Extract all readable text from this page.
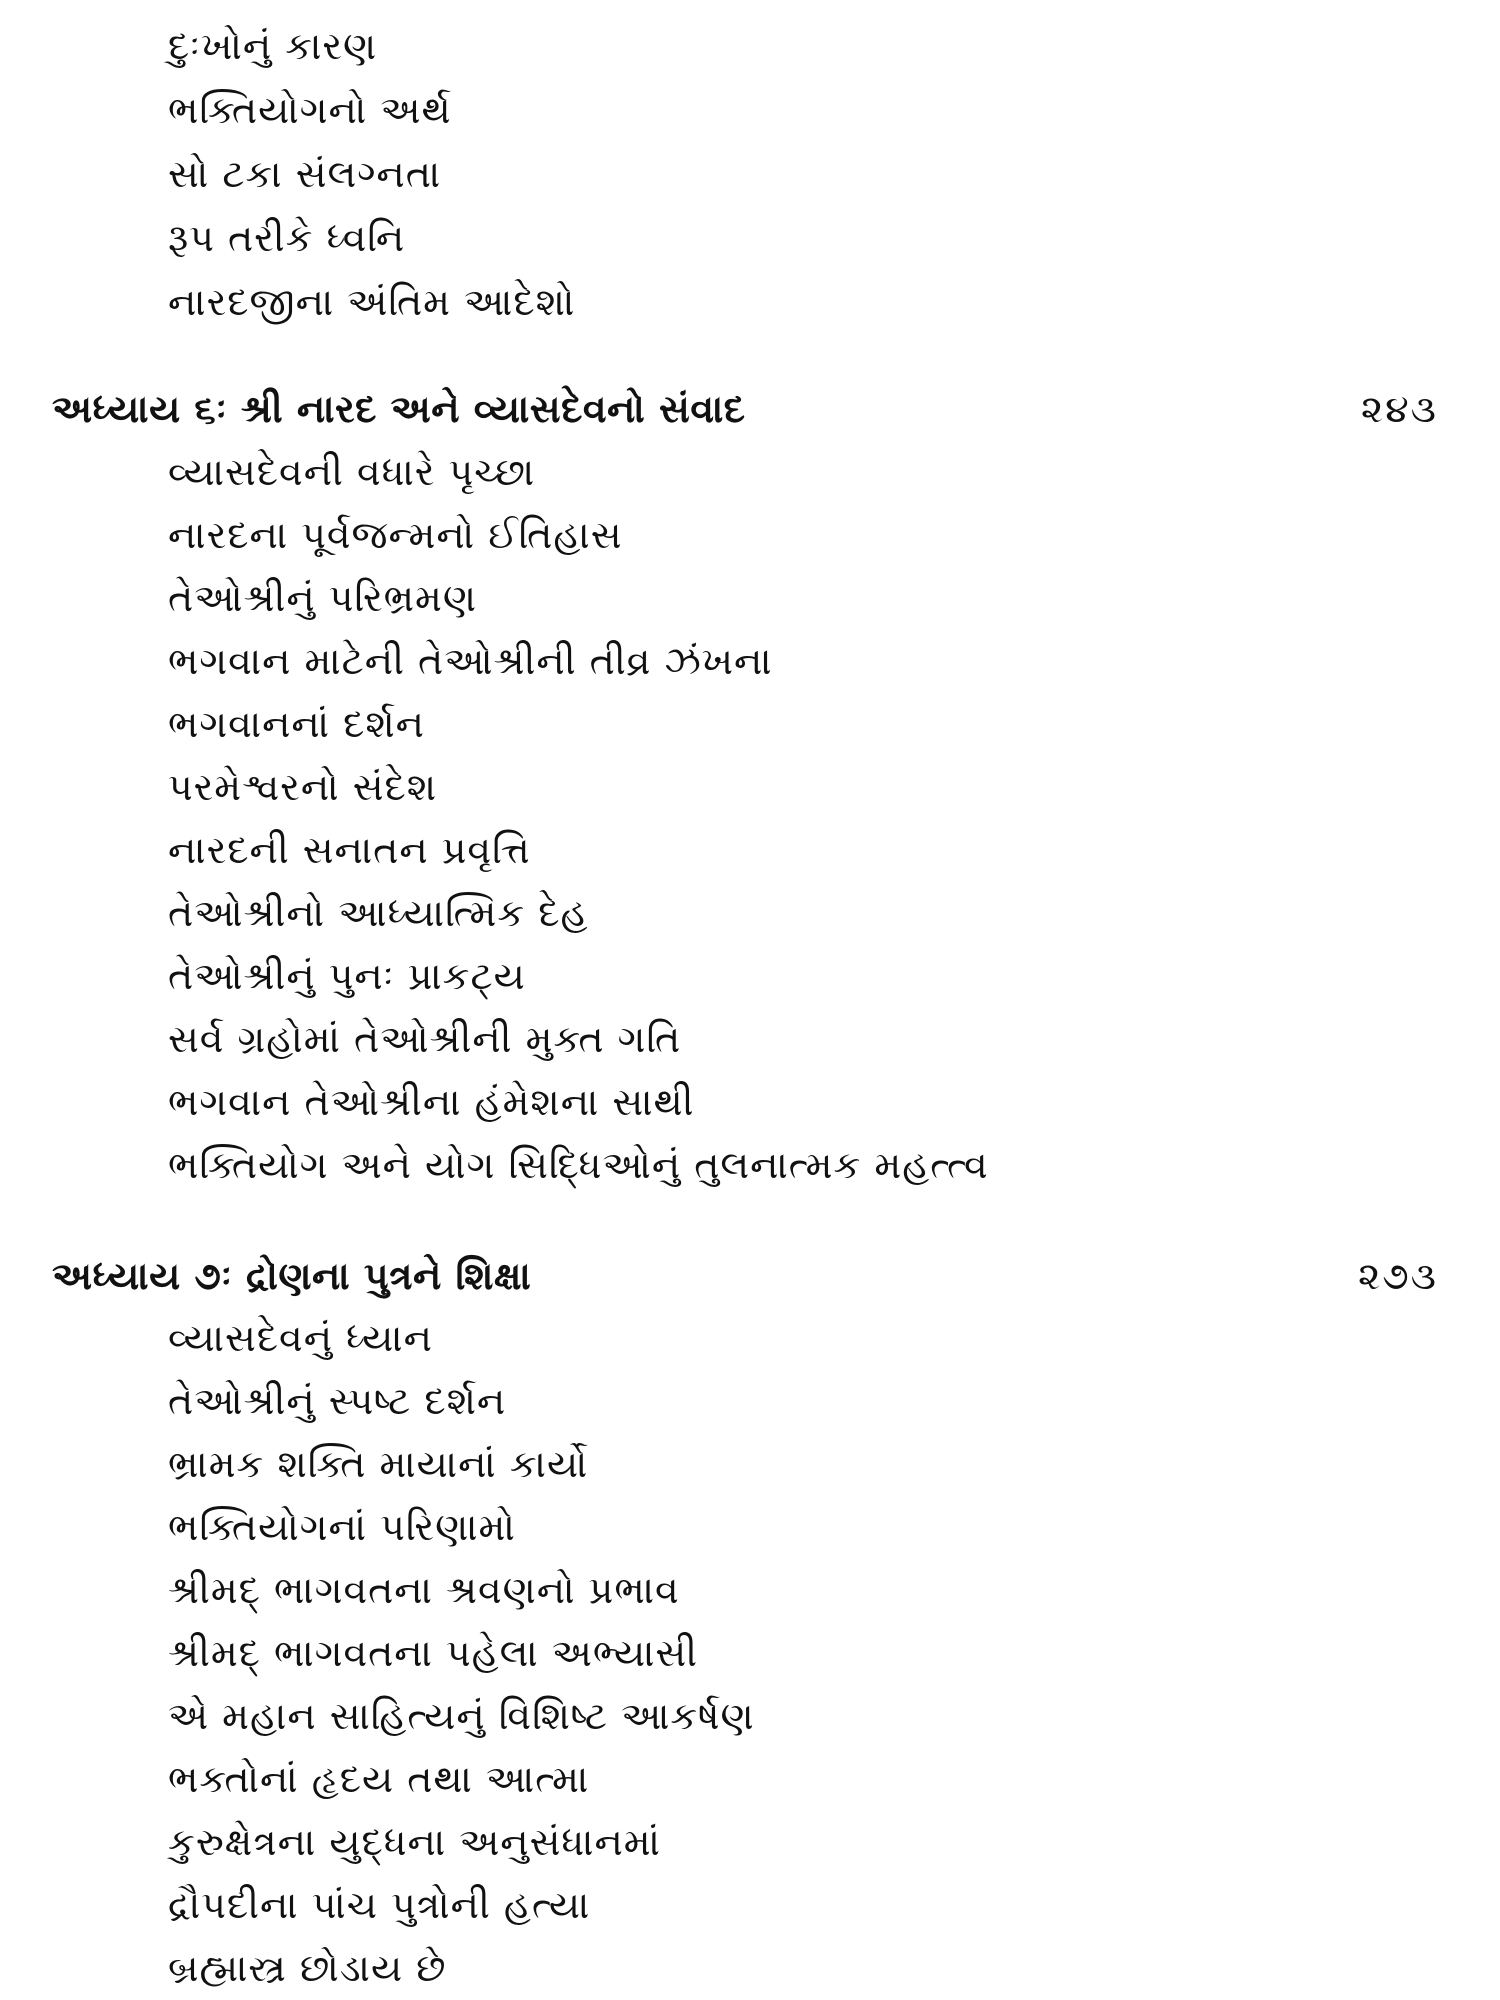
દુઃખોનું કારણ
ભક્તિયોગનો અર્થ
સો ટકા સંલગ્નતા
રૂપ તરીકે ધ્વનિ
નારદજીના અંતિમ આદેશો
અધ્યાય ૬ઃ શ્રી નારદ અને વ્યાસદેવનો સંવાદ	૨૪૩
વ્યાસદેવની વધારે પૃચ્છા
નારદના પૂર્વજન્મનો ઈતિહાસ
તેઓશ્રીનું પરિભ્રમણ
ભગવાન માટેની તેઓશ્રીની તીવ્ર ઝંખના
ભગવાનનાં દર્શન
પરમેશ્વરનો સંદેશ
નારદની સનાતન પ્રવૃત્તિ
તેઓશ્રીનો આધ્યાત્મિક દેહ
તેઓશ્રીનું પુનઃ પ્રાકટ્ય
સર્વ ગ્રહોમાં તેઓશ્રીની મુક્ત ગતિ
ભગવાન તેઓશ્રીના હંમેશના સાથી
ભક્તિયોગ અને યોગ સિદ્ધિઓનું તુલનાત્મક મહત્ત્વ
અધ્યાય ૭ઃ દ્રોણના પુત્રને શિક્ષા	૨૭૩
વ્યાસદેવનું ધ્યાન
તેઓશ્રીનું સ્પષ્ટ દર્શન
ભ્રામક શક્તિ માયાનાં કાર્યો
ભક્તિયોગનાં પરિણામો
શ્રીમદ્ ભાગવતના શ્રવણનો પ્રભાવ
શ્રીમદ્ ભાગવતના પહેલા અભ્યાસી
એ મહાન સાહિત્યનું વિશિષ્ટ આકર્ષણ
ભક્તોનાં હૃદય તથા આત્મા
કુરુક્ષેત્રના યુદ્ધના અનુસંધાનમાં
દ્રૌપદીના પાંચ પુત્રોની હત્યા
બ્રહ્માસ્ત્ર છોડાય છે
